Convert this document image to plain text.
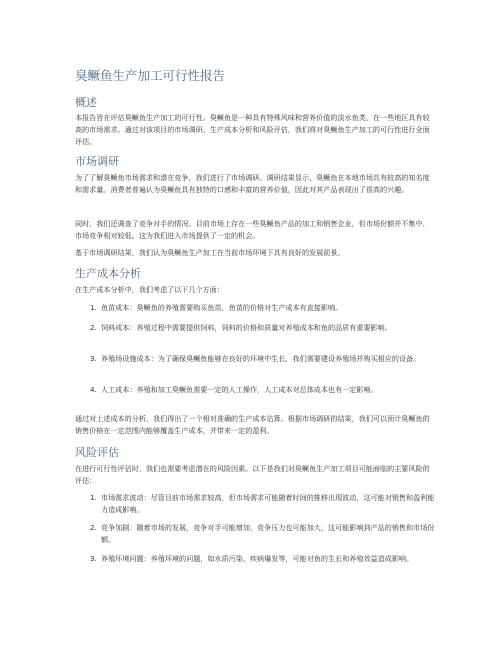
臭鳜鱼生产加工可行性报告
概述

本报告旨在评估臭鳜鱼生产加工的可行性。臭鳜鱼是一种具有特殊风味和营养价值的淡水鱼类，在一些地区具有较高的市场需求。通过对该项目的市场调研、生产成本分析和风险评估，我们将对臭鳜鱼生产加工的可行性进行全面评估。

市场调研

为了了解臭鳜鱼市场需求和潜在竞争，我们进行了市场调研。调研结果显示，臭鳜鱼在本地市场具有较高的知名度和需求量。消费者普遍认为臭鳜鱼具有独特的口感和丰富的营养价值，因此对其产品表现出了很高的兴趣。

同时，我们还调查了竞争对手的情况。目前市场上存在一些臭鳜鱼产品的加工和销售企业，但市场份额并不集中，市场竞争相对较低。这为我们进入市场提供了一定的机会。

基于市场调研结果，我们认为臭鳜鱼生产加工在当前市场环境下具有良好的发展前景。

生产成本分析

在生产成本分析中，我们考虑了以下几个方面：

1. 鱼苗成本：臭鳜鱼的养殖需要购买鱼苗，鱼苗的价格对生产成本有直接影响。
2. 饲料成本：养殖过程中需要提供饲料，饲料的价格和质量对养殖成本和鱼的品质有重要影响。
3. 养殖场设施成本：为了确保臭鳜鱼能够在良好的环境中生长，我们需要建设养殖场并购买相应的设备。
4. 人工成本：养殖和加工臭鳜鱼需要一定的人工操作，人工成本对总体成本也有一定影响。

通过对上述成本的分析，我们得出了一个相对准确的生产成本估算。根据市场调研的结果，我们可以预计臭鳜鱼的销售价格在一定范围内能够覆盖生产成本，并带来一定的盈利。

风险评估

在进行可行性评估时，我们也需要考虑潜在的风险因素。以下是我们对臭鳜鱼生产加工项目可能面临的主要风险的评估：

1. 市场需求波动：尽管目前市场需求较高，但市场需求可能随着时间的推移出现波动，这可能对销售和盈利能力造成影响。
2. 竞争加剧：随着市场的发展，竞争对手可能增加，竞争压力也可能加大，这可能影响到产品的销售和市场份额。
3. 养殖环境问题：养殖环境的问题，如水质污染、疾病爆发等，可能对鱼的生长和养殖效益造成影响。
